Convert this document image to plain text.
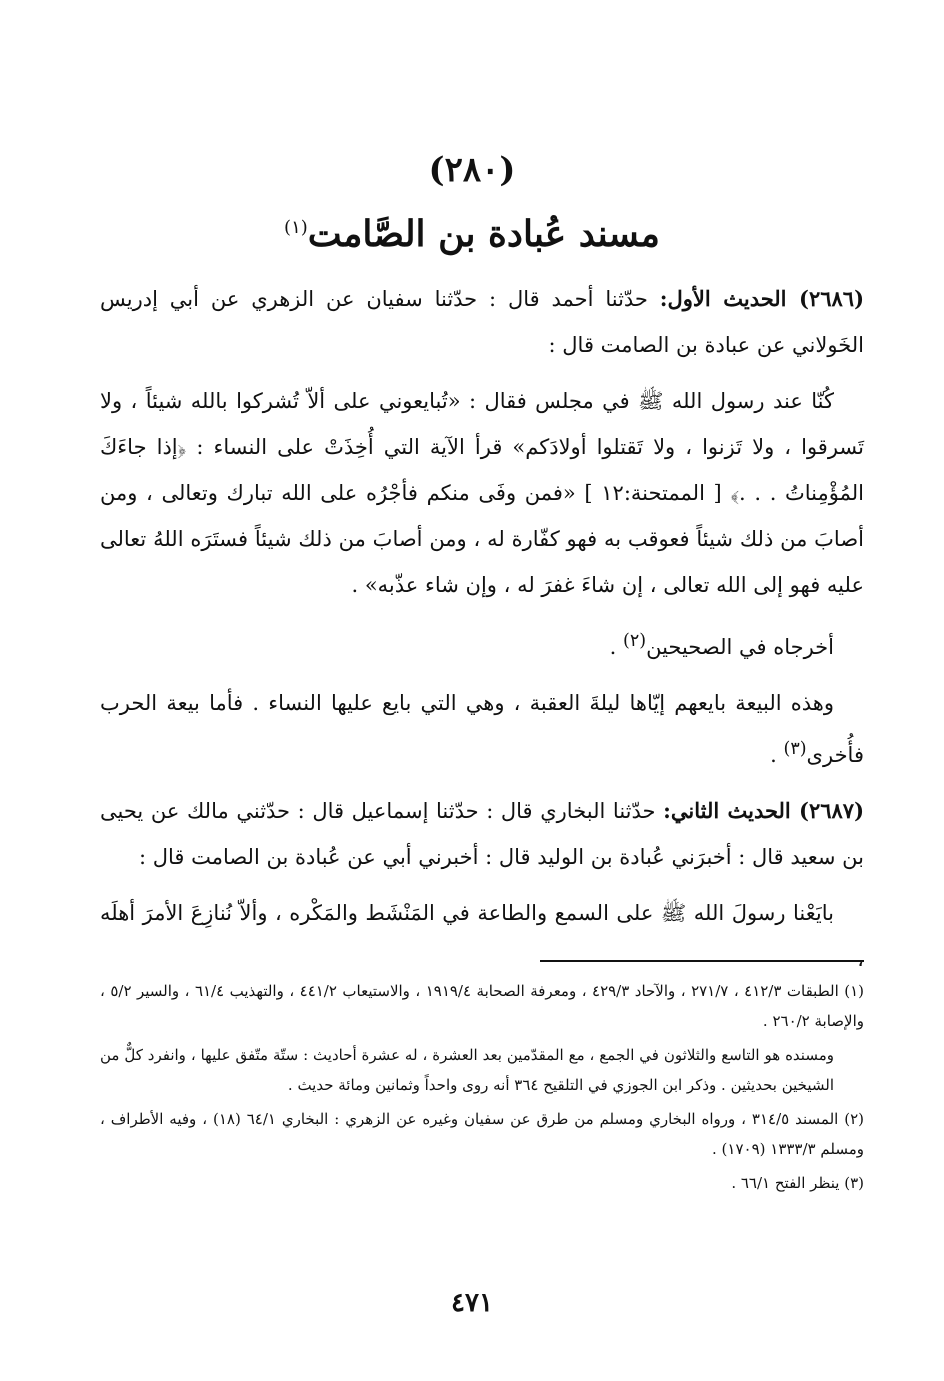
(٢٨٠)
مسند عُبادة بن الصَّامت$^{(١)}$

(٢٦٨٦) الحديث الأول: حدّثنا أحمد قال : حدّثنا سفيان عن الزهري عن أبي إدريس الخَولاني عن عبادة بن الصامت قال :

كُنّا عند رسول الله ﷺ في مجلس فقال : «تُبايعوني على ألاّ تُشركوا بالله شيئاً ، ولا تَسرقوا ، ولا تَزنوا ، ولا تَقتلوا أولادَكم» قرأ الآية التي أُخِذَتْ على النساء : ﴿إذا جاءَكَ المُؤْمِناتُ . . .﴾ [ الممتحنة:١٢ ] «فمن وفَى منكم فأجْرُه على الله تبارك وتعالى ، ومن أصابَ من ذلك شيئاً فعوقب به فهو كفّارة له ، ومن أصابَ من ذلك شيئاً فستَرَه اللهُ تعالى عليه فهو إلى الله تعالى ، إن شاءَ غفرَ له ، وإن شاء عذّبه» .

أخرجاه في الصحيحين$^{(٢)}$ .

وهذه البيعة بايعهم إيّاها ليلةَ العقبة ، وهي التي بايع عليها النساء . فأما بيعة الحرب فأُخرى$^{(٣)}$ .

(٢٦٨٧) الحديث الثاني: حدّثنا البخاري قال : حدّثنا إسماعيل قال : حدّثني مالك عن يحيى بن سعيد قال : أخبرَني عُبادة بن الوليد قال : أخبرني أبي عن عُبادة بن الصامت قال :

بايَعْنا رسولَ الله ﷺ على السمع والطاعة في المَنْشَط والمَكْره ، وألاّ نُنازِعَ الأمرَ أهلَه ،

(١) الطبقات ٤١٢/٣ ، ٢٧١/٧ ، والآحاد ٤٢٩/٣ ، ومعرفة الصحابة ١٩١٩/٤ ، والاستيعاب ٤٤١/٢ ، والتهذيب ٦١/٤ ، والسير ٥/٢ ، والإصابة ٢٦٠/٢ .

ومسنده هو التاسع والثلاثون في الجمع ، مع المقدّمين بعد العشرة ، له عشرة أحاديث : ستّة متّفق عليها ، وانفرد كلٌّ من الشيخين بحديثين . وذكر ابن الجوزي في التلقيح ٣٦٤ أنه روى واحداً وثمانين ومائة حديث .

(٢) المسند ٣١٤/٥ ، ورواه البخاري ومسلم من طرق عن سفيان وغيره عن الزهري : البخاري ٦٤/١ (١٨) ، وفيه الأطراف ، ومسلم ١٣٣٣/٣ (١٧٠٩) .

(٣) ينظر الفتح ٦٦/١ .

٤٧١
